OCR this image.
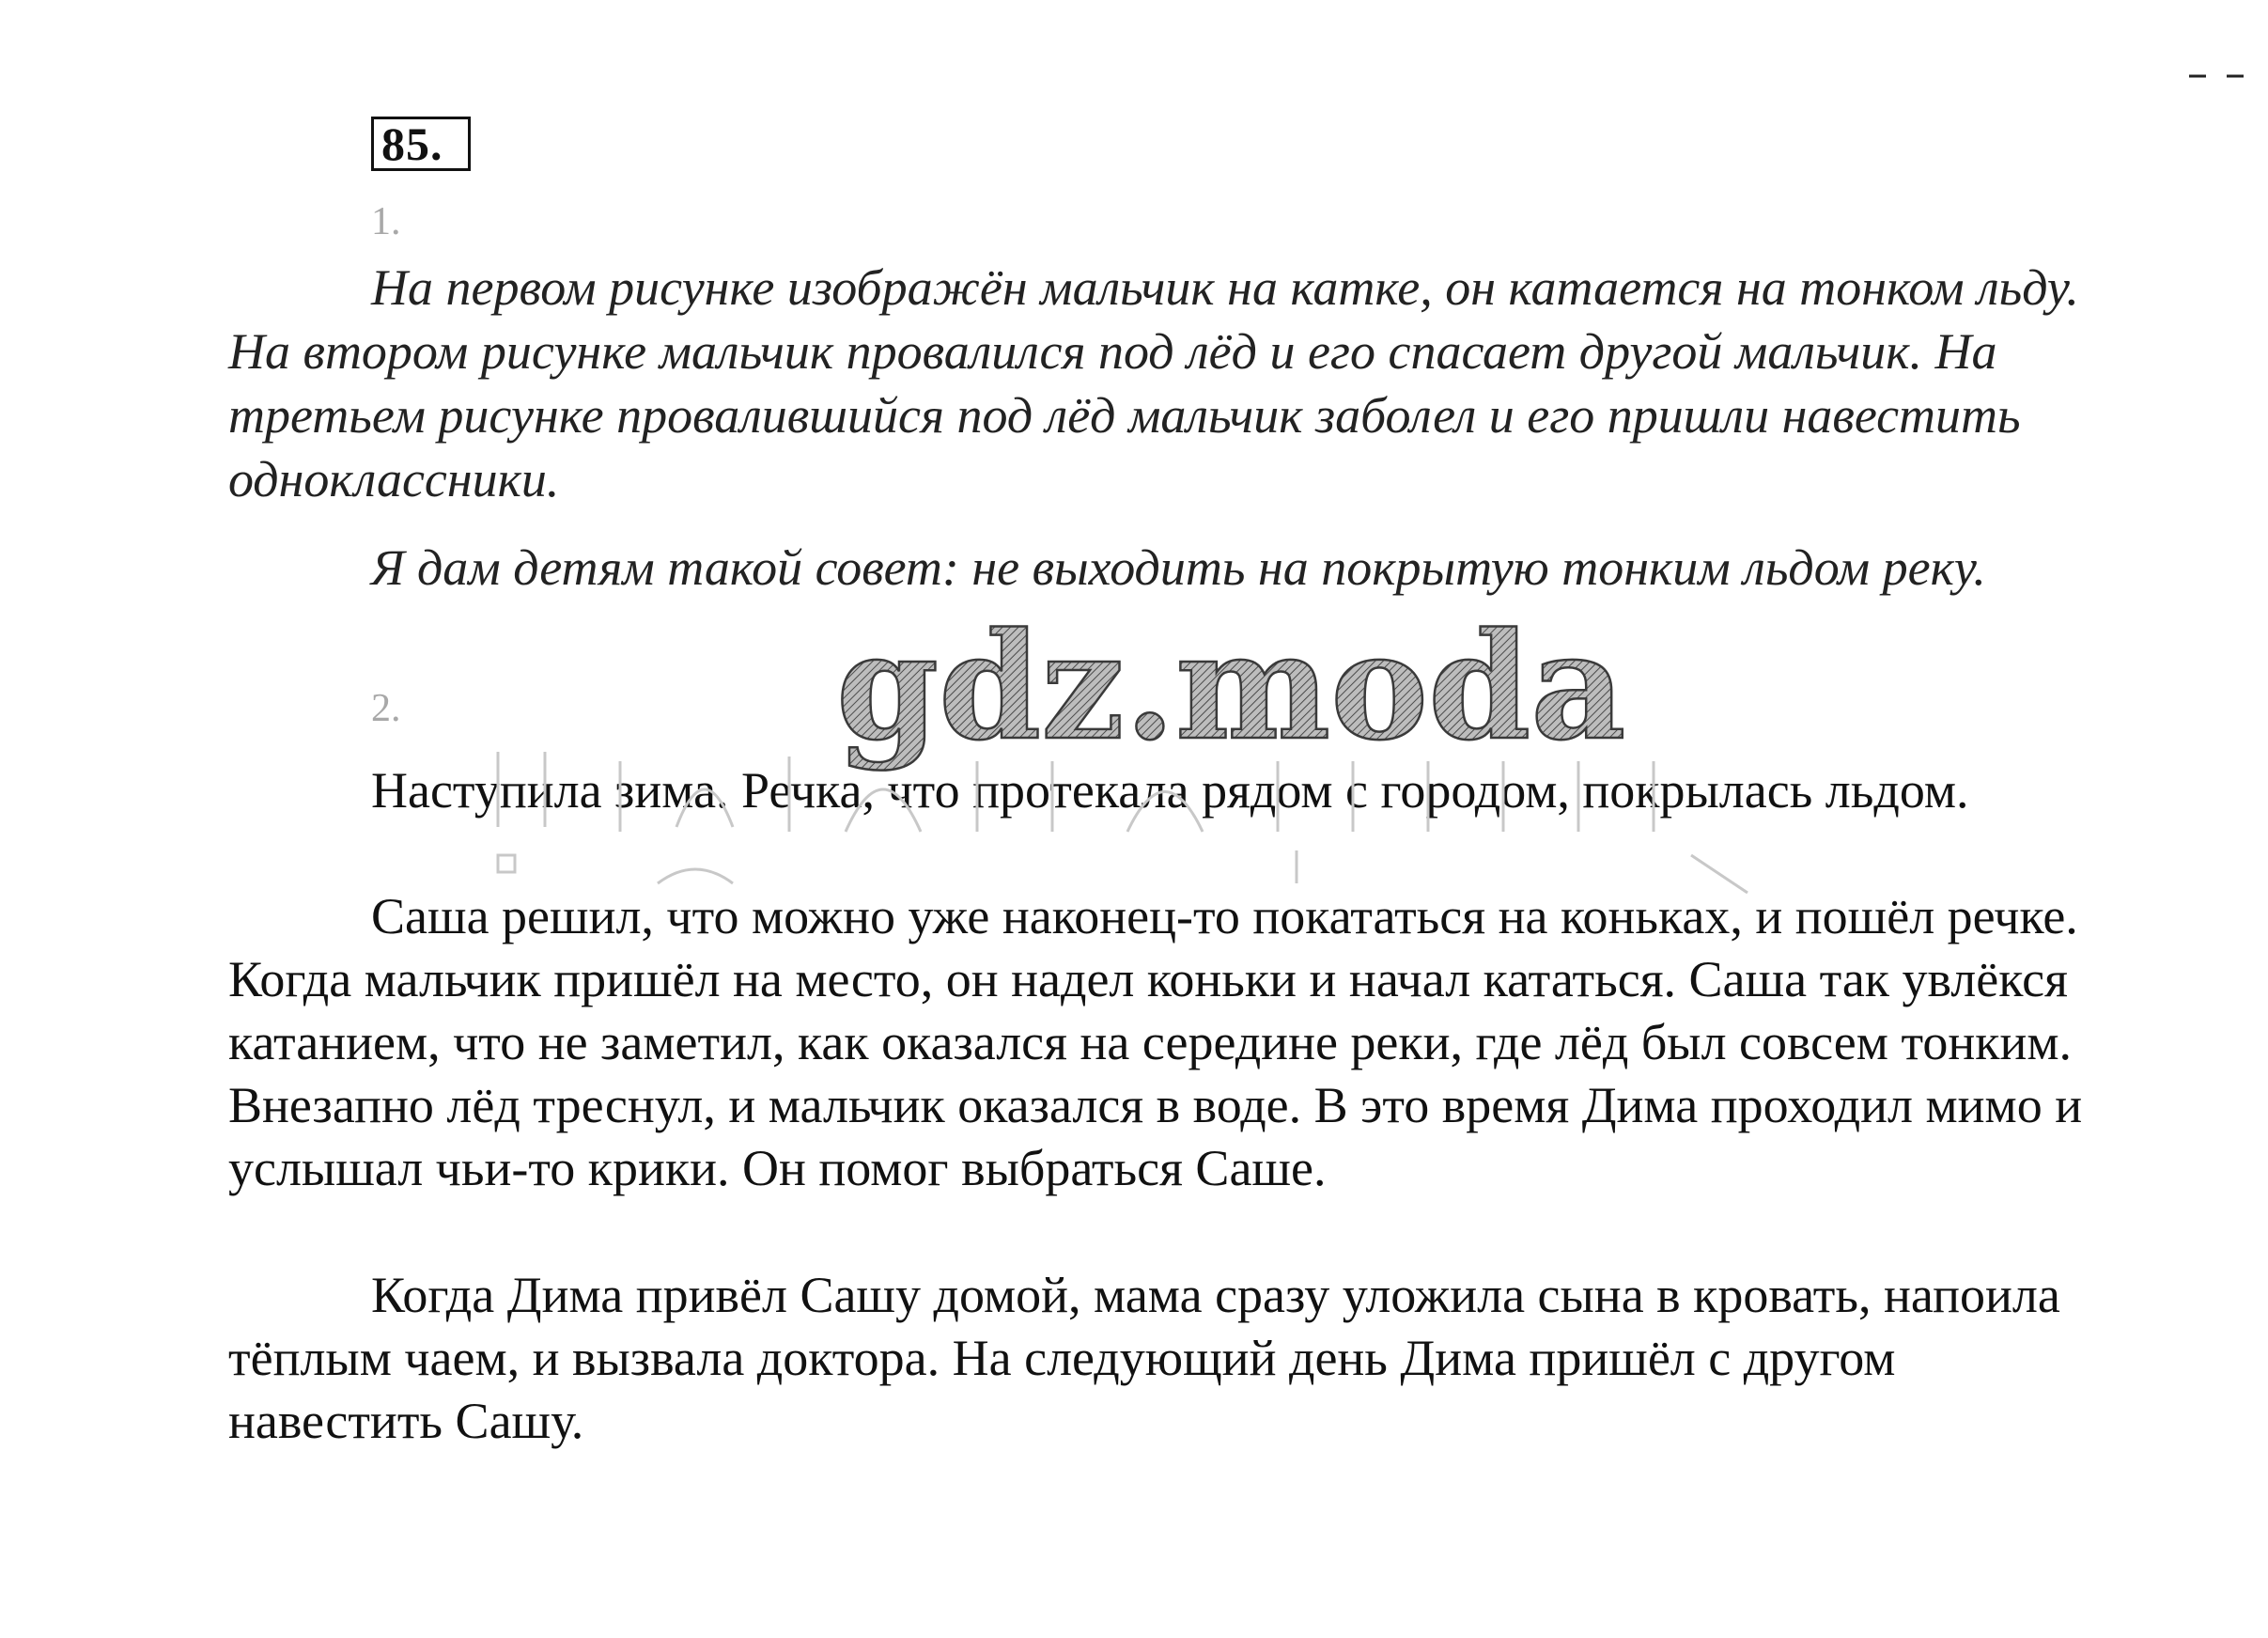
85.
1.

На первом рисунке изображён мальчик на катке, он катается на тонком льду. На втором рисунке мальчик провалился под лёд и его спасает другой мальчик. На третьем рисунке провалившийся под лёд мальчик заболел и его пришли навестить одноклассники.

Я дам детям такой совет: не выходить на покрытую тонким льдом реку.

2.

Наступила зима. Речка, что протекала рядом с городом, покрылась льдом.

Саша решил, что можно уже наконец-то покататься на коньках, и пошёл речке. Когда мальчик пришёл на место, он надел коньки и начал кататься. Саша так увлёкся катанием, что не заметил, как оказался на середине реки, где лёд был совсем тонким. Внезапно лёд треснул, и мальчик оказался в воде. В это время Дима проходил мимо и услышал чьи-то крики. Он помог выбраться Саше.

Когда Дима привёл Сашу домой, мама сразу уложила сына в кровать, напоила тёплым чаем, и вызвала доктора. На следующий день Дима пришёл с другом навестить Сашу.

gdz.moda
